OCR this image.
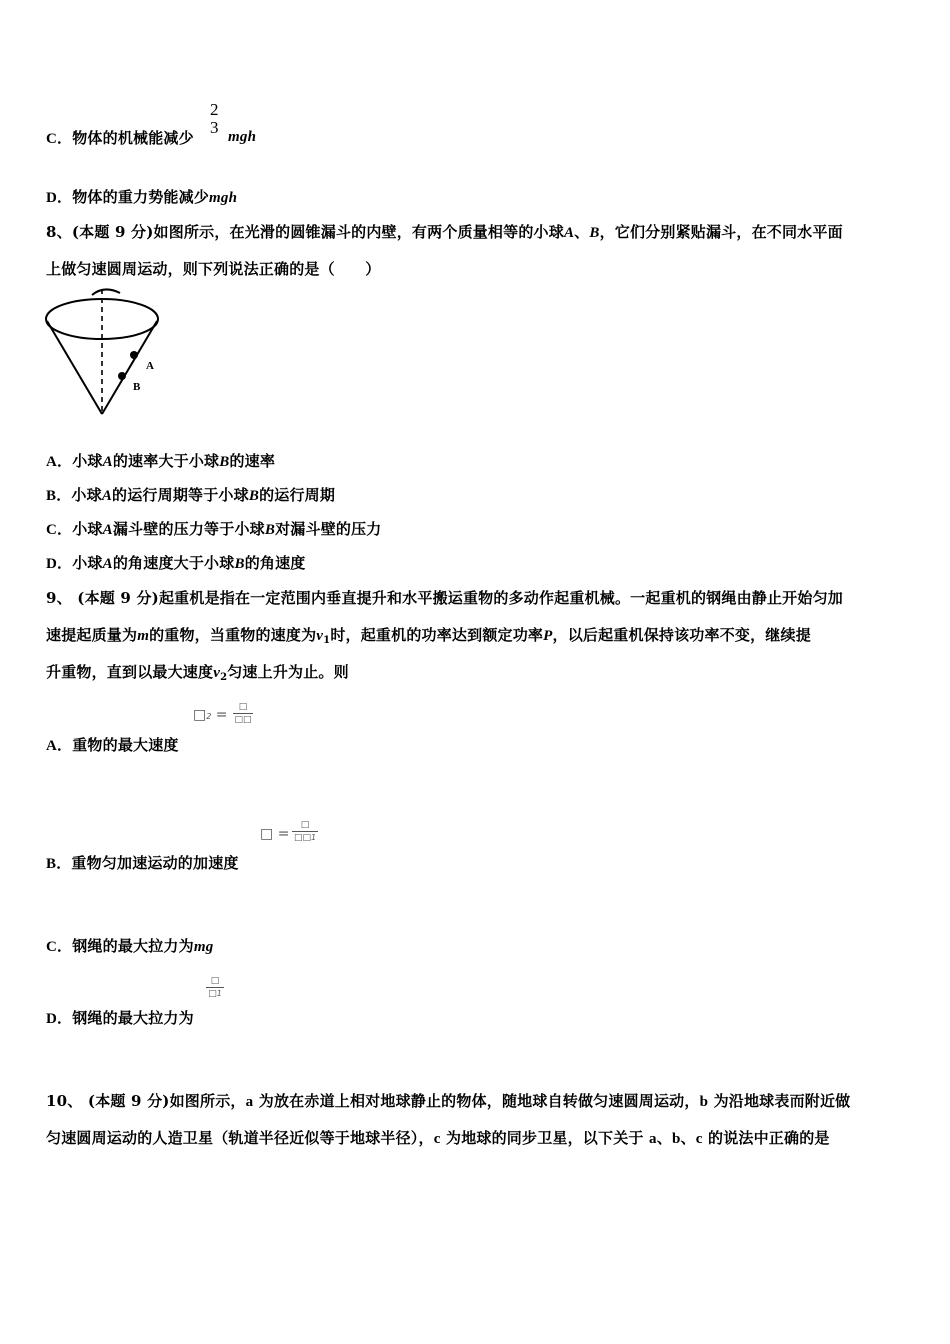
C．物体的机械能减少
2
3
mgh
D．物体的重力势能减少mgh
8、(本题 9 分)如图所示，在光滑的圆锥漏斗的内壁，有两个质量相等的小球A、B，它们分别紧贴漏斗，在不同水平面
上做匀速圆周运动，则下列说法正确的是（　　）
A
B
A．小球A的速率大于小球B的速率
B．小球A的运行周期等于小球B的运行周期
C．小球A漏斗壁的压力等于小球B对漏斗壁的压力
D．小球A的角速度大于小球B的角速度
9、 (本题 9 分)起重机是指在一定范围内垂直提升和水平搬运重物的多动作起重机械。一起重机的钢绳由静止开始匀加
速提起质量为m的重物，当重物的速度为$v_1$时，起重机的功率达到额定功率P，以后起重机保持该功率不变，继续提
升重物，直到以最大速度$v_2$匀速上升为止。则
□2 =	□
□□
A．重物的最大速度
□ =
□
□□1
B．重物匀加速运动的加速度
C．钢绳的最大拉力为mg
□
□1
D．钢绳的最大拉力为
10、 (本题 9 分)如图所示，a 为放在赤道上相对地球静止的物体，随地球自转做匀速圆周运动，b 为沿地球表而附近做
匀速圆周运动的人造卫星（轨道半径近似等于地球半径），c 为地球的同步卫星，以下关于 a、b、c 的说法中正确的是
